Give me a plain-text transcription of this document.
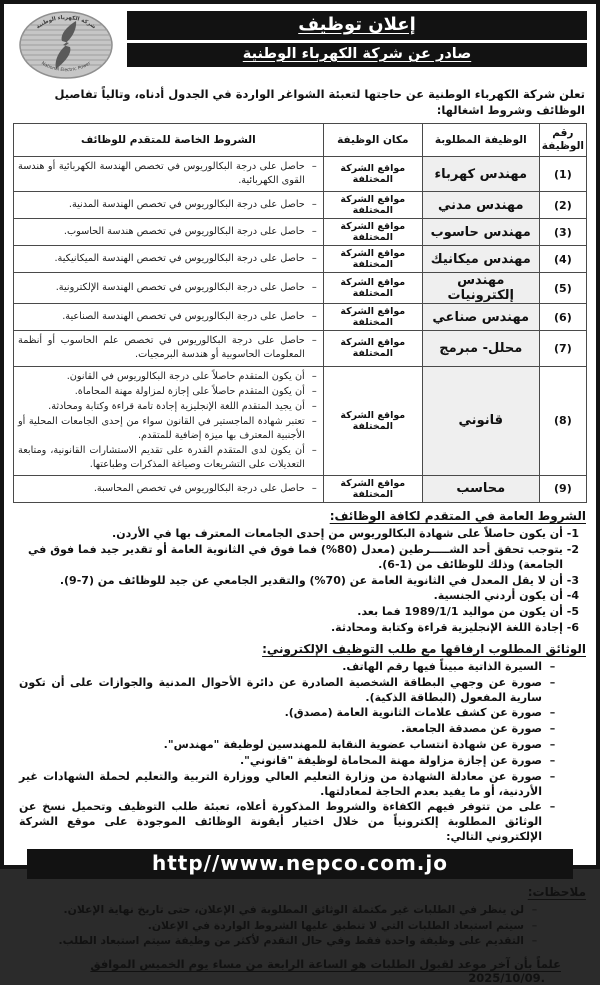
شركة الكهرباء الوطنية
National Electric Power
إعلان توظيف
صادر عن شركة الكهرباء الوطنية

تعلن شركة الكهرباء الوطنية عن حاجتها لتعبئة الشواغر الواردة في الجدول أدناه، وتالياً تفاصيل الوظائف وشروط اشغالها:

رقم الوظيفة	الوظيفة المطلوبة	مكان الوظيفة	الشروط الخاصة للمتقدم للوظائف
(1)	مهندس كهرباء	مواقع الشركة المختلفة	–
حاصل على درجة البكالوريوس في تخصص الهندسة الكهربائية أو هندسة القوى الكهربائية.

(2)	مهندس مدني	مواقع الشركة المختلفة	–
حاصل على درجة البكالوريوس في تخصص الهندسة المدنية.

(3)	مهندس حاسوب	مواقع الشركة المختلفة	–
حاصل على درجة البكالوريوس في تخصص هندسة الحاسوب.

(4)	مهندس ميكانيك	مواقع الشركة المختلفة	–
حاصل على درجة البكالوريوس في تخصص الهندسة الميكانيكية.

(5)	مهندس إلكترونيات	مواقع الشركة المختلفة	–
حاصل على درجة البكالوريوس في تخصص الهندسة الإلكترونية.

(6)	مهندس صناعي	مواقع الشركة المختلفة	–
حاصل على درجة البكالوريوس في تخصص الهندسة الصناعية.

(7)	محلل- مبرمج	مواقع الشركة المختلفة	–
حاصل على درجة البكالوريوس في تخصص علم الحاسوب أو أنظمة المعلومات الحاسوبية أو هندسة البرمجيات.

(8)	قانوني	مواقع الشركة المختلفة	
–
أن يكون المتقدم حاصلاً على درجة البكالوريوس في القانون.
–
أن يكون المتقدم حاصلاً على إجازة لمزاولة مهنة المحاماة.
–
أن يجيد المتقدم اللغة الإنجليزية إجادة تامة قراءة وكتابة ومحادثة.
–
تعتبر شهادة الماجستير في القانون سواء من إحدى الجامعات المحلية أو الأجنبية المعترف بها ميزة إضافية للمتقدم.
–
أن يكون لدى المتقدم القدرة على تقديم الاستشارات القانونية، ومتابعة التعديلات على التشريعات وصياغة المذكرات وطباعتها.

(9)	محاسب	مواقع الشركة المختلفة	–
حاصل على درجة البكالوريوس في تخصص المحاسبة.
الشروط العامة في المتقدم لكافة الوظائف:
1- أن يكون حاصلاً على شهادة البكالوريوس من إحدى الجامعات المعترف بها في الأردن.
2- يتوجب تحقق أحد الشـــــرطين (معدل (80%) فما فوق في الثانوية العامة أو تقدير جيد فما فوق في الجامعة) وذلك للوظائف من (1-6).
3- أن لا يقل المعدل في الثانوية العامة عن (70%) والتقدير الجامعي عن جيد للوظائف من (7-9).
4- أن يكون أردني الجنسية.
5- أن يكون من مواليد 1989/1/1 فما بعد.
6- إجادة اللغة الإنجليزية قراءة وكتابة ومحادثة.
الوثائق المطلوب ارفاقها مع طلب التوظيف الإلكتروني:
–
السيرة الذاتية مبيناً فيها رقم الهاتف.
–
صورة عن وجهي البطاقة الشخصية الصادرة عن دائرة الأحوال المدنية والجوازات على أن تكون سارية المفعول (البطاقة الذكية).
–
صورة عن كشف علامات الثانوية العامة (مصدق).
–
صورة عن مصدقة الجامعة.
–
صورة عن شهادة انتساب عضوية النقابة للمهندسين لوظيفة "مهندس".
–
صورة عن إجازة مزاولة مهنة المحاماة لوظيفة "قانوني".
–
صورة عن معادلة الشهادة من وزارة التعليم العالي ووزارة التربية والتعليم لحملة الشهادات غير الأردنية، أو ما يفيد بعدم الحاجة لمعادلتها.
–
على من تتوفر فيهم الكفاءة والشروط المذكورة أعلاه، تعبئة طلب التوظيف وتحميل نسخ عن الوثائق المطلوبة إلكترونياً من خلال اختيار أيقونة الوظائف الموجودة على موقع الشركة الإلكتروني التالي:
http//www.nepco.com.jo
ملاحظات:
–
لن ينظر في الطلبات غير مكتملة الوثائق المطلوبة في الإعلان، حتى تاريخ نهاية الإعلان.
–
سيتم استبعاد الطلبات التي لا تنطبق عليها الشروط الواردة في الإعلان.
–
التقديم على وظيفة واحدة فقط وفي حال التقدم لأكثر من وظيفة سيتم استبعاد الطلب.

علماً بأن آخر موعد لقبول الطلبات هو الساعة الرابعة من مساء يوم الخميس الموافق 2025/10/09.
